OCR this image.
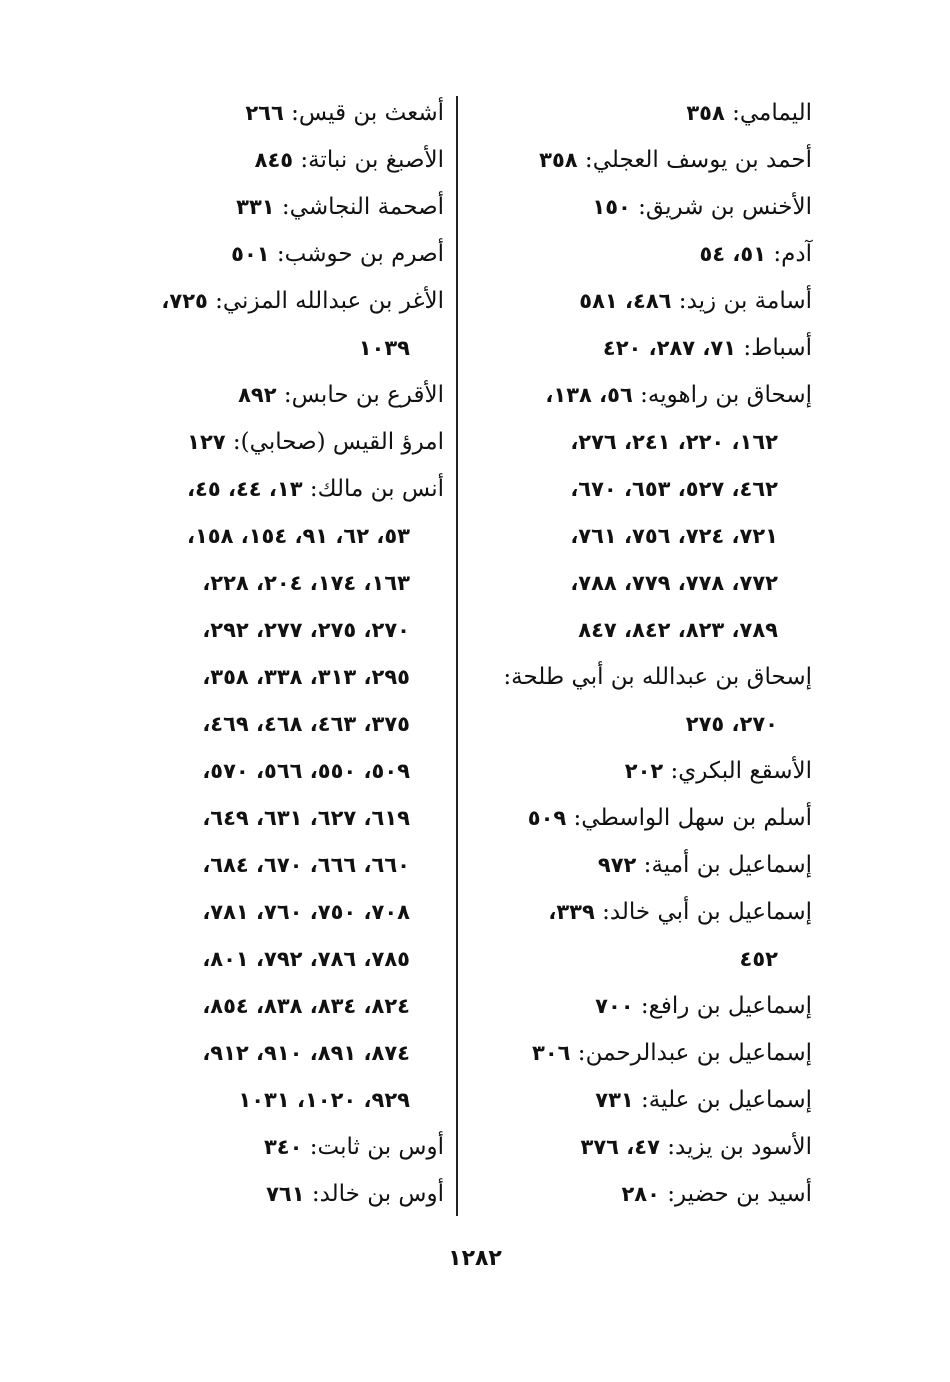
اليمامي: ٣٥٨
أحمد بن يوسف العجلي: ٣٥٨
الأخنس بن شريق: ١٥٠
آدم: ٥١، ٥٤
أسامة بن زيد: ٤٨٦، ٥٨١
أسباط: ٧١، ٢٨٧، ٤٢٠
إسحاق بن راهويه: ٥٦، ١٣٨،
١٦٢، ٢٢٠، ٢٤١، ٢٧٦،
٤٦٢، ٥٢٧، ٦٥٣، ٦٧٠،
٧٢١، ٧٢٤، ٧٥٦، ٧٦١،
٧٧٢، ٧٧٨، ٧٧٩، ٧٨٨،
٧٨٩، ٨٢٣، ٨٤٢، ٨٤٧
إسحاق بن عبدالله بن أبي طلحة:
٢٧٠، ٢٧٥
الأسقع البكري: ٢٠٢
أسلم بن سهل الواسطي: ٥٠٩
إسماعيل بن أمية: ٩٧٢
إسماعيل بن أبي خالد: ٣٣٩،
٤٥٢
إسماعيل بن رافع: ٧٠٠
إسماعيل بن عبدالرحمن: ٣٠٦
إسماعيل بن علية: ٧٣١
الأسود بن يزيد: ٤٧، ٣٧٦
أسيد بن حضير: ٢٨٠
أشعث بن قيس: ٢٦٦
الأصبغ بن نباتة: ٨٤٥
أصحمة النجاشي: ٣٣١
أصرم بن حوشب: ٥٠١
الأغر بن عبدالله المزني: ٧٢٥،
١٠٣٩
الأقرع بن حابس: ٨٩٢
امرؤ القيس (صحابي): ١٢٧
أنس بن مالك: ١٣، ٤٤، ٤٥،
٥٣، ٦٢، ٩١، ١٥٤، ١٥٨،
١٦٣، ١٧٤، ٢٠٤، ٢٢٨،
٢٧٠، ٢٧٥، ٢٧٧، ٢٩٢،
٢٩٥، ٣١٣، ٣٣٨، ٣٥٨،
٣٧٥، ٤٦٣، ٤٦٨، ٤٦٩،
٥٠٩، ٥٥٠، ٥٦٦، ٥٧٠،
٦١٩، ٦٢٧، ٦٣١، ٦٤٩،
٦٦٠، ٦٦٦، ٦٧٠، ٦٨٤،
٧٠٨، ٧٥٠، ٧٦٠، ٧٨١،
٧٨٥، ٧٨٦، ٧٩٢، ٨٠١،
٨٢٤، ٨٣٤، ٨٣٨، ٨٥٤،
٨٧٤، ٨٩١، ٩١٠، ٩١٢،
٩٢٩، ١٠٢٠، ١٠٣١
أوس بن ثابت: ٣٤٠
أوس بن خالد: ٧٦١
١٢٨٢
